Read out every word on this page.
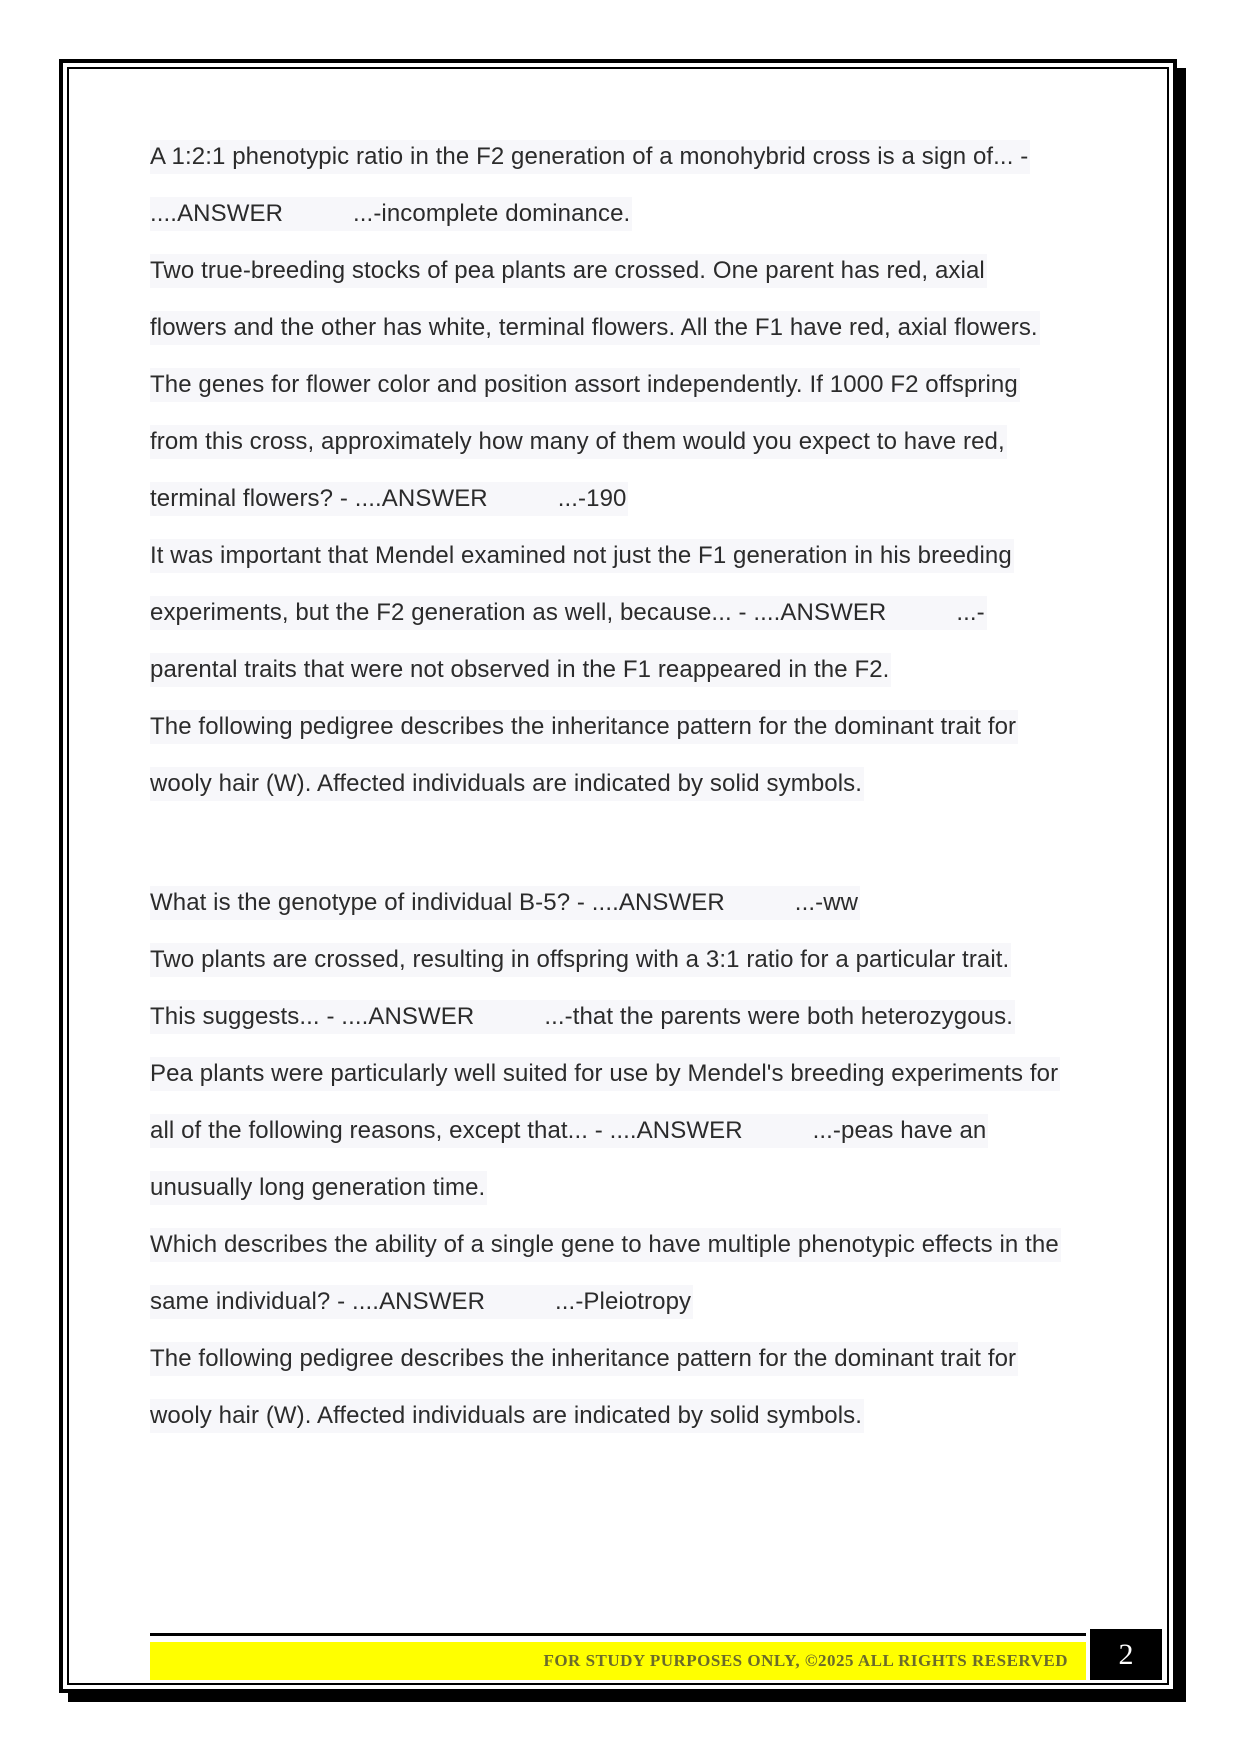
A 1:2:1 phenotypic ratio in the F2 generation of a monohybrid cross is a sign of... -
....ANSWER	...-incomplete dominance.
Two true-breeding stocks of pea plants are crossed. One parent has red, axial
flowers and the other has white, terminal flowers. All the F1 have red, axial flowers.
The genes for flower color and position assort independently. If 1000 F2 offspring
from this cross, approximately how many of them would you expect to have red,
terminal flowers? - ....ANSWER	...-190
It was important that Mendel examined not just the F1 generation in his breeding
experiments, but the F2 generation as well, because... - ....ANSWER	...-
parental traits that were not observed in the F1 reappeared in the F2.
The following pedigree describes the inheritance pattern for the dominant trait for
wooly hair (W). Affected individuals are indicated by solid symbols.
What is the genotype of individual B-5? - ....ANSWER	...-ww
Two plants are crossed, resulting in offspring with a 3:1 ratio for a particular trait.
This suggests... - ....ANSWER	...-that the parents were both heterozygous.
Pea plants were particularly well suited for use by Mendel's breeding experiments for
all of the following reasons, except that... - ....ANSWER	...-peas have an
unusually long generation time.
Which describes the ability of a single gene to have multiple phenotypic effects in the
same individual? - ....ANSWER	...-Pleiotropy
The following pedigree describes the inheritance pattern for the dominant trait for
wooly hair (W). Affected individuals are indicated by solid symbols.
FOR STUDY PURPOSES ONLY, ©2025 ALL RIGHTS RESERVED	2
